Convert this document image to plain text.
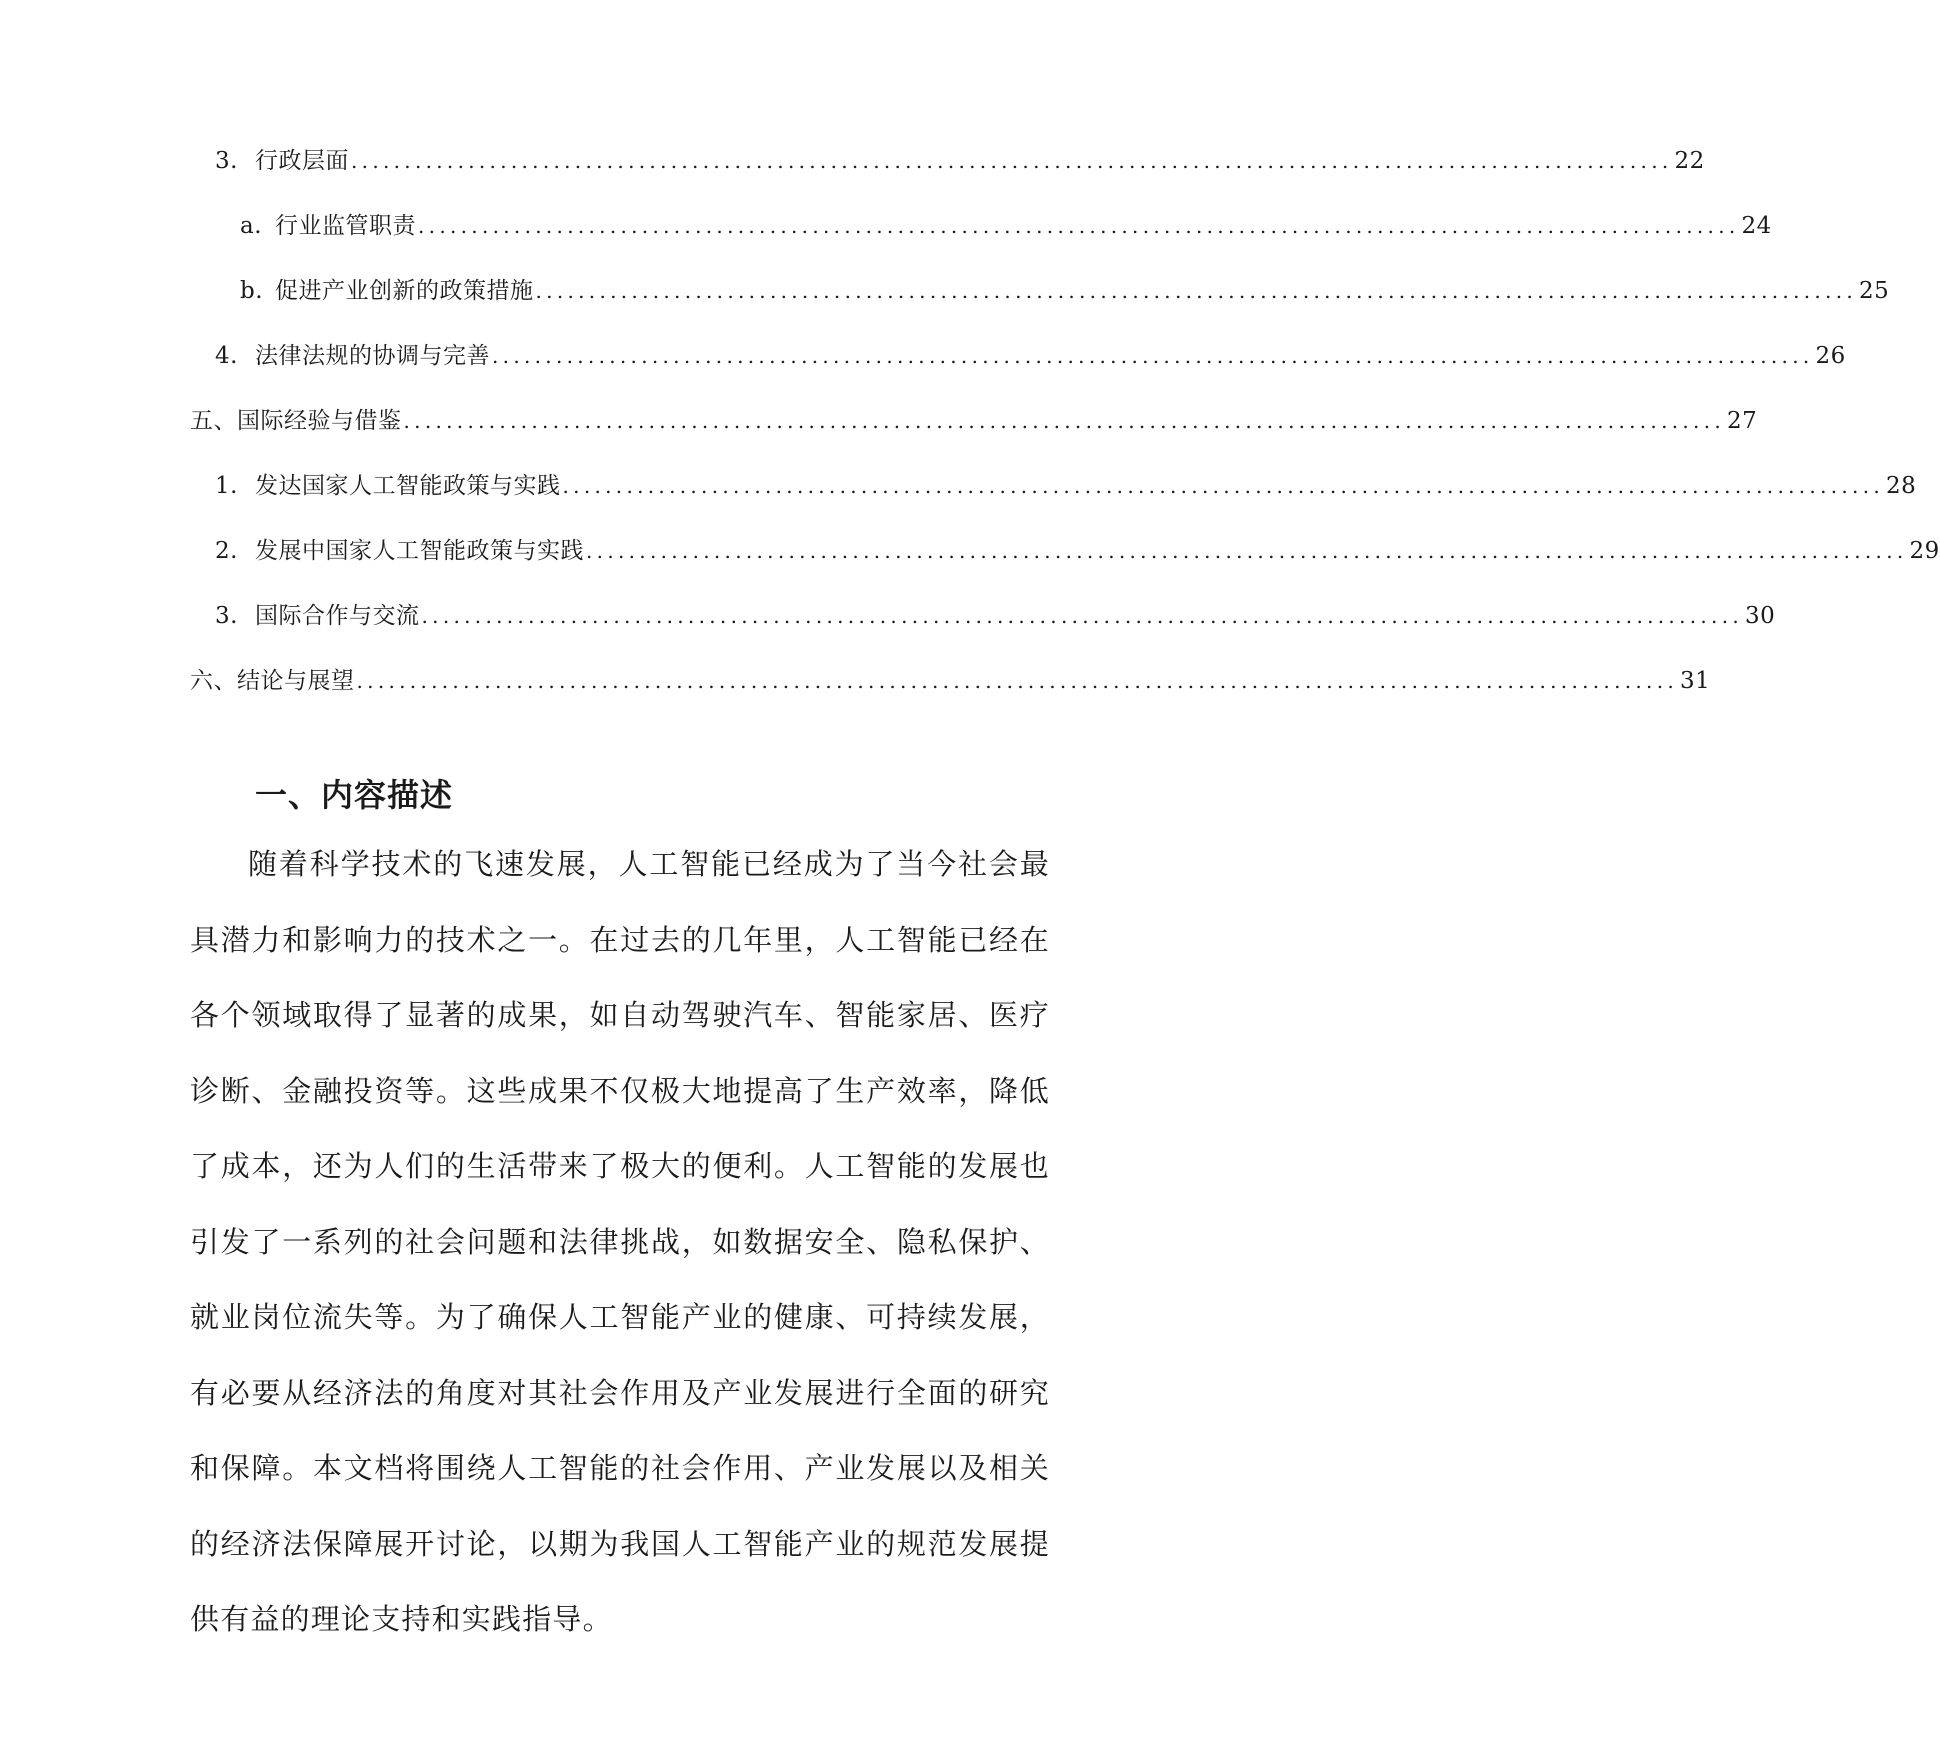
3. 行政层面 ............................................................................................................................ 22
a. 行业监管职责 ............................................................................................................................ 24
b. 促进产业创新的政策措施 ............................................................................................................................ 25
4. 法律法规的协调与完善 ............................................................................................................................ 26
五、国际经验与借鉴 ............................................................................................................................ 27
1. 发达国家人工智能政策与实践 ............................................................................................................................ 28
2. 发展中国家人工智能政策与实践 ............................................................................................................................ 29
3. 国际合作与交流 ............................................................................................................................ 30
六、结论与展望 ............................................................................................................................ 31
一、内容描述

随着科学技术的飞速发展，人工智能已经成为了当今社会最具潜力和影响力的技术之一。在过去的几年里，人工智能已经在各个领域取得了显著的成果，如自动驾驶汽车、智能家居、医疗诊断、金融投资等。这些成果不仅极大地提高了生产效率，降低了成本，还为人们的生活带来了极大的便利。人工智能的发展也引发了一系列的社会问题和法律挑战，如数据安全、隐私保护、就业岗位流失等。为了确保人工智能产业的健康、可持续发展，有必要从经济法的角度对其社会作用及产业发展进行全面的研究和保障。本文档将围绕人工智能的社会作用、产业发展以及相关的经济法保障展开讨论，以期为我国人工智能产业的规范发展提供有益的理论支持和实践指导。
